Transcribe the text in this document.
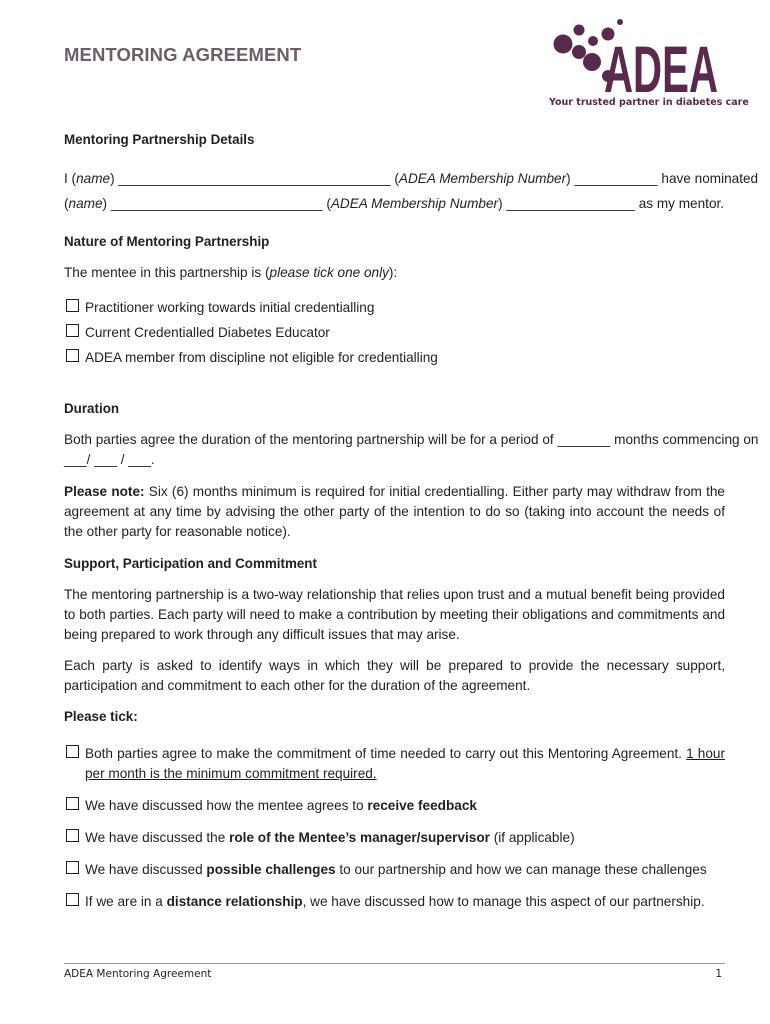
MENTORING AGREEMENT	ADEA
Your trusted partner in diabetes care

Mentoring Partnership Details

I (name) ____________________________________ (ADEA Membership Number) ___________ have nominated

(name) ____________________________ (ADEA Membership Number) _________________ as my mentor.

Nature of Mentoring Partnership

The mentee in this partnership is (please tick one only):

Practitioner working towards initial credentialling
Current Credentialled Diabetes Educator
ADEA member from discipline not eligible for credentialling

Duration

Both parties agree the duration of the mentoring partnership will be for a period of _______ months commencing on

___/ ___ / ___.

Please note: Six (6) months minimum is required for initial credentialling. Either party may withdraw from the agreement at any time by advising the other party of the intention to do so (taking into account the needs of the other party for reasonable notice).

Support, Participation and Commitment

The mentoring partnership is a two-way relationship that relies upon trust and a mutual benefit being provided to both parties. Each party will need to make a contribution by meeting their obligations and commitments and being prepared to work through any difficult issues that may arise.

Each party is asked to identify ways in which they will be prepared to provide the necessary support, participation and commitment to each other for the duration of the agreement.

Please tick:

Both parties agree to make the commitment of time needed to carry out this Mentoring Agreement. 1 hour per month is the minimum commitment required.
We have discussed how the mentee agrees to receive feedback
We have discussed the role of the Mentee’s manager/supervisor (if applicable)
We have discussed possible challenges to our partnership and how we can manage these challenges
If we are in a distance relationship, we have discussed how to manage this aspect of our partnership.
ADEA Mentoring Agreement	1
